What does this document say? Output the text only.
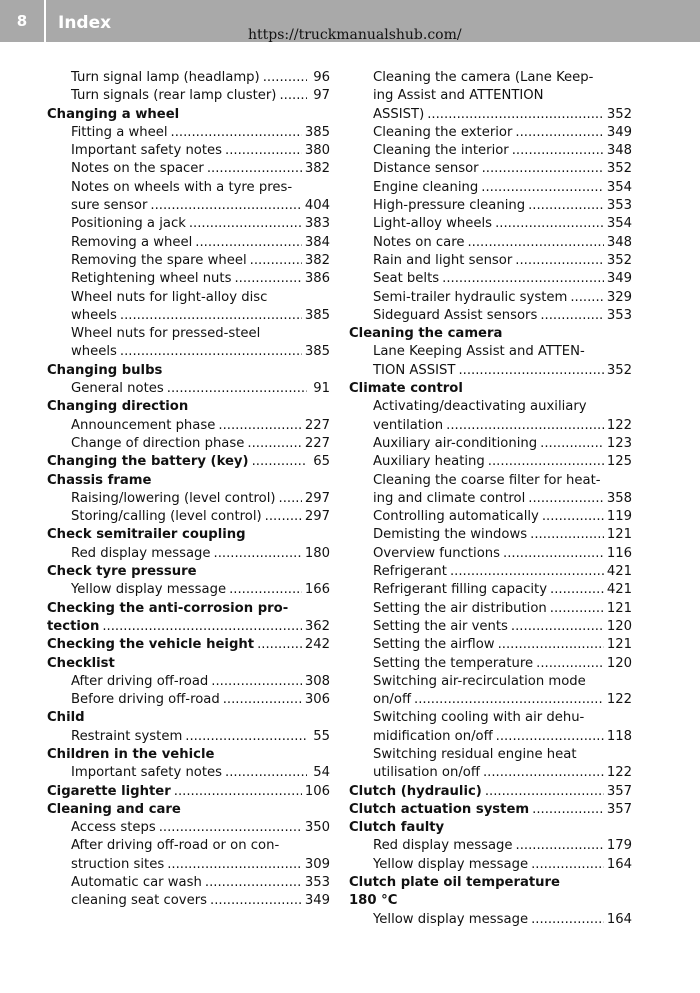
8	Index
https://truckmanualshub.com/
Turn signal lamp (headlamp) .....	96
Turn signals (rear lamp cluster) .....	97
Changing a wheel
Fitting a wheel .....	385
Important safety notes .....	380
Notes on the spacer .....	382
Notes on wheels with a tyre pres-
sure sensor .....	404
Positioning a jack .....	383
Removing a wheel .....	384
Removing the spare wheel .....	382
Retightening wheel nuts .....	386
Wheel nuts for light-alloy disc
wheels .....	385
Wheel nuts for pressed-steel
wheels .....	385
Changing bulbs
General notes .....	91
Changing direction
Announcement phase .....	227
Change of direction phase .....	227
Changing the battery (key) .....	65
Chassis frame
Raising/lowering (level control) ..... 297
Storing/calling (level control) .....	297
Check semitrailer coupling
Red display message .....	180
Check tyre pressure
Yellow display message .....	166
Checking the anti-corrosion pro-
tection .....	362
Checking the vehicle height .....	242
Checklist
After driving off-road .....	308
Before driving off-road .....	306
Child
Restraint system .....	55
Children in the vehicle
Important safety notes .....	54
Cigarette lighter .....	106
Cleaning and care
Access steps .....	350
After driving off-road or on con-
struction sites .....	309
Automatic car wash .....	353
cleaning seat covers .....	349
Cleaning the camera (Lane Keep-
ing Assist and ATTENTION
ASSIST) .....	352
Cleaning the exterior .....	349
Cleaning the interior .....	348
Distance sensor .....	352
Engine cleaning .....	354
High-pressure cleaning .....	353
Light-alloy wheels .....	354
Notes on care .....	348
Rain and light sensor .....	352
Seat belts .....	349
Semi-trailer hydraulic system .....	329
Sideguard Assist sensors .....	353
Cleaning the camera
Lane Keeping Assist and ATTEN-
TION ASSIST .....	352
Climate control
Activating/deactivating auxiliary
ventilation .....	122
Auxiliary air-conditioning .....	123
Auxiliary heating .....	125
Cleaning the coarse filter for heat-
ing and climate control .....	358
Controlling automatically .....	119
Demisting the windows .....	121
Overview functions .....	116
Refrigerant .....	421
Refrigerant filling capacity .....	421
Setting the air distribution .....	121
Setting the air vents .....	120
Setting the airflow .....	121
Setting the temperature .....	120
Switching air-recirculation mode
on/off .....	122
Switching cooling with air dehu-
midification on/off .....	118
Switching residual engine heat
utilisation on/off .....	122
Clutch (hydraulic) .....	357
Clutch actuation system .....	357
Clutch faulty
Red display message .....	179
Yellow display message .....	164
Clutch plate oil temperature
180 °C
Yellow display message .....	164
